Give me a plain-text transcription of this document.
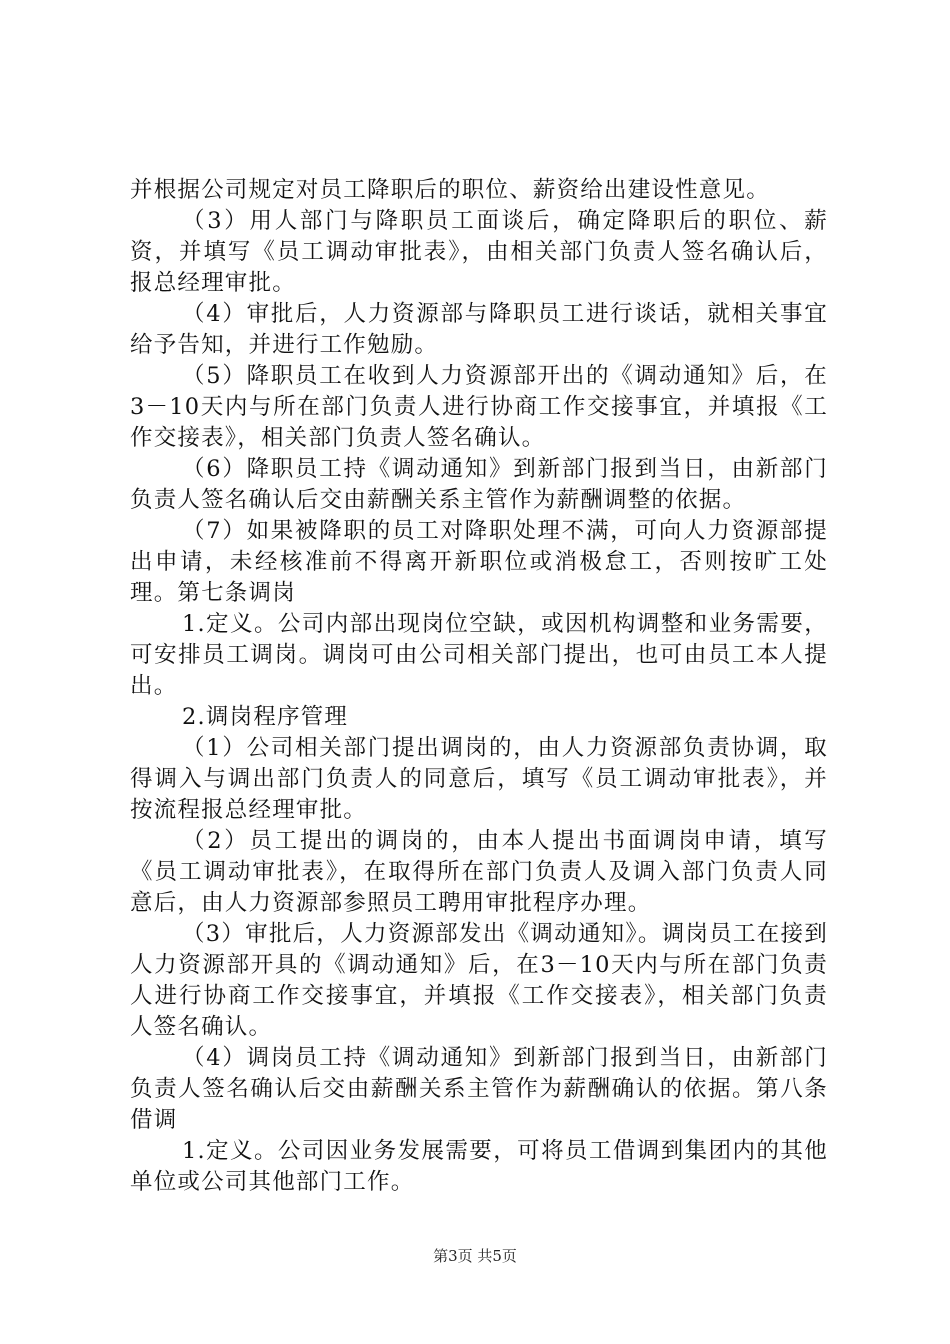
并根据公司规定对员工降职后的职位、薪资给出建设性意见。

（3）用人部门与降职员工面谈后，确定降职后的职位、薪资，并填写《员工调动审批表》，由相关部门负责人签名确认后，报总经理审批。

（4）审批后，人力资源部与降职员工进行谈话，就相关事宜给予告知，并进行工作勉励。

（5）降职员工在收到人力资源部开出的《调动通知》后，在3－10天内与所在部门负责人进行协商工作交接事宜，并填报《工作交接表》，相关部门负责人签名确认。

（6）降职员工持《调动通知》到新部门报到当日，由新部门负责人签名确认后交由薪酬关系主管作为薪酬调整的依据。

（7）如果被降职的员工对降职处理不满，可向人力资源部提出申请，未经核准前不得离开新职位或消极怠工，否则按旷工处理。第七条调岗

1.定义。公司内部出现岗位空缺，或因机构调整和业务需要，可安排员工调岗。调岗可由公司相关部门提出，也可由员工本人提出。

2.调岗程序管理

（1）公司相关部门提出调岗的，由人力资源部负责协调，取得调入与调出部门负责人的同意后，填写《员工调动审批表》，并按流程报总经理审批。

（2）员工提出的调岗的，由本人提出书面调岗申请，填写《员工调动审批表》，在取得所在部门负责人及调入部门负责人同意后，由人力资源部参照员工聘用审批程序办理。

（3）审批后，人力资源部发出《调动通知》。调岗员工在接到人力资源部开具的《调动通知》后，在3－10天内与所在部门负责人进行协商工作交接事宜，并填报《工作交接表》，相关部门负责人签名确认。

（4）调岗员工持《调动通知》到新部门报到当日，由新部门负责人签名确认后交由薪酬关系主管作为薪酬确认的依据。第八条借调

1.定义。公司因业务发展需要，可将员工借调到集团内的其他单位或公司其他部门工作。

第3页 共5页
